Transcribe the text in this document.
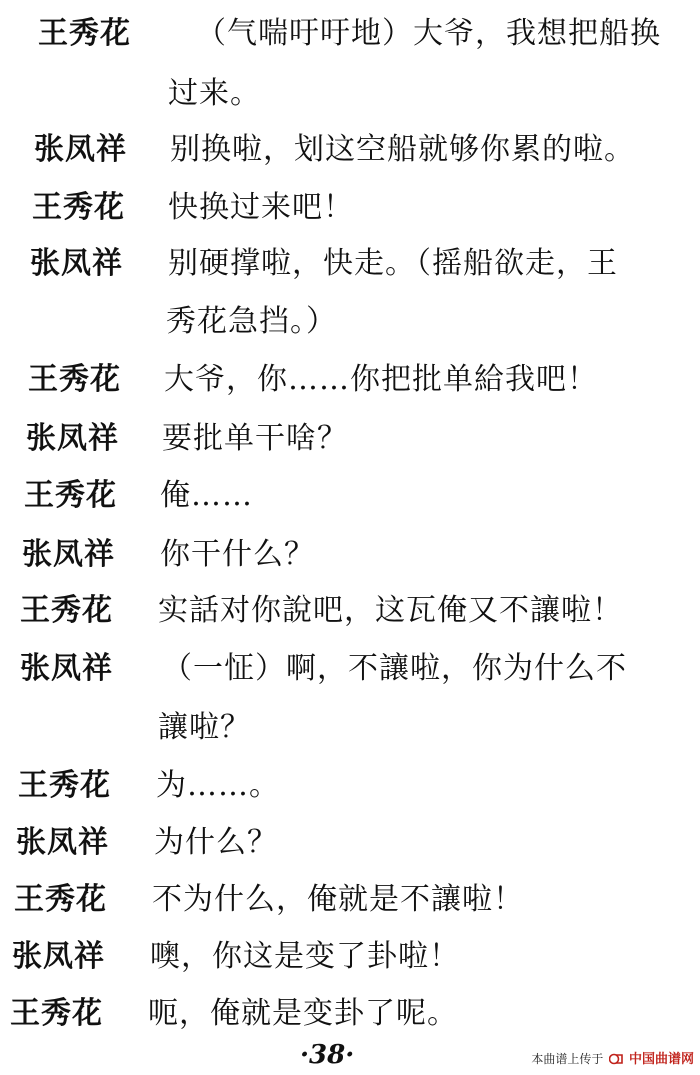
王秀花 （气喘吁吁地）大爷，我想把船换
过来。
张凤祥 别换啦，划这空船就够你累的啦。
王秀花 快换过来吧！
张凤祥 别硬撑啦，快走。（摇船欲走，王
秀花急挡。）
王秀花 大爷，你……你把批单給我吧！
张凤祥 要批单干啥？
王秀花 俺……
张凤祥 你干什么？
王秀花 实話对你說吧，这瓦俺又不讓啦！
张凤祥 （一怔）啊，不讓啦，你为什么不
讓啦？
王秀花 为……。
张凤祥 为什么？
王秀花 不为什么，俺就是不讓啦！
张凤祥 噢，你这是变了卦啦！
王秀花 呃，俺就是变卦了呢。
·38·	本曲谱上传于 中国曲谱网
